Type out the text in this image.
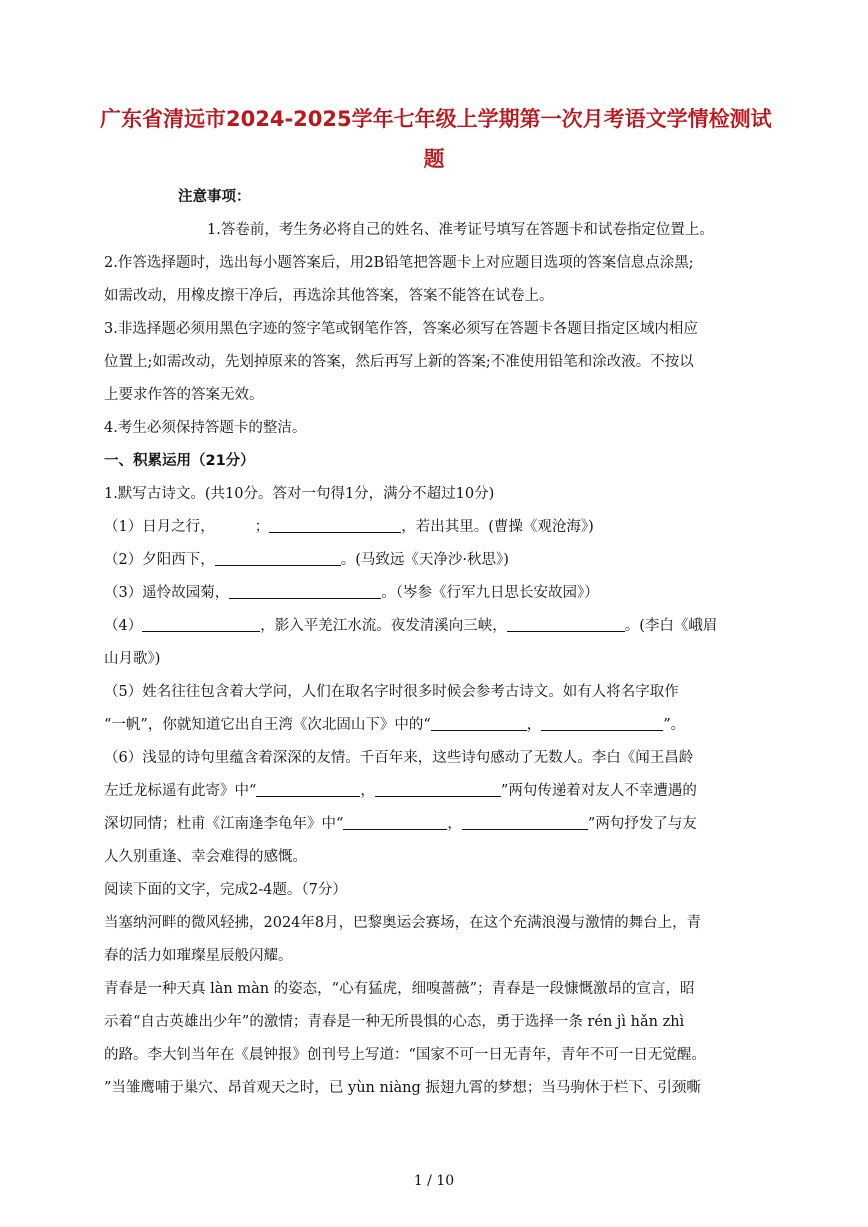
广东省清远市2024-2025学年七年级上学期第一次月考语文学情检测试
题
注意事项：
1.答卷前，考生务必将自己的姓名、准考证号填写在答题卡和试卷指定位置上。
2.作答选择题时，选出每小题答案后，用2B铅笔把答题卡上对应题目选项的答案信息点涂黑;
如需改动，用橡皮擦干净后，再选涂其他答案，答案不能答在试卷上。
3.非选择题必须用黑色字迹的签字笔或钢笔作答，答案必须写在答题卡各题目指定区域内相应
位置上;如需改动，先划掉原来的答案，然后再写上新的答案;不准使用铅笔和涂改液。不按以
上要求作答的答案无效。
4.考生必须保持答题卡的整洁。
一、积累运用（21分）
1.默写古诗文。(共10分。答对一句得1分，满分不超过10分)
（1）日月之行，	；	，若出其里。(曹操《观沧海》)
（2）夕阳西下，	。(马致远《天净沙·秋思》)
（3）遥怜故园菊，	。（岑参《行军九日思长安故园》）
（4）	，影入平羌江水流。夜发清溪向三峡，	。(李白《峨眉
山月歌》)
（5）姓名往往包含着大学问，人们在取名字时很多时候会参考古诗文。如有人将名字取作
“一帆”，你就知道它出自王湾《次北固山下》中的“	，	”。
（6）浅显的诗句里蕴含着深深的友情。千百年来，这些诗句感动了无数人。李白《闻王昌龄
左迁龙标遥有此寄》中“	，	”两句传递着对友人不幸遭遇的
深切同情；杜甫《江南逢李龟年》中“	，	”两句抒发了与友
人久别重逢、幸会难得的感慨。
阅读下面的文字，完成2-4题。（7分）
当塞纳河畔的微风轻拂，2024年8月，巴黎奥运会赛场，在这个充满浪漫与激情的舞台上，青
春的活力如璀璨星辰般闪耀。
青春是一种天真 làn màn 的姿态，“心有猛虎，细嗅蔷薇”；青春是一段慷慨激昂的宣言，昭
示着“自古英雄出少年”的激情；青春是一种无所畏惧的心态，勇于选择一条 rén jì hǎn zhì
的路。李大钊当年在《晨钟报》创刊号上写道：“国家不可一日无青年，青年不可一日无觉醒。
”当雏鹰哺于巢穴、昂首观天之时，已 yùn niàng 振翅九霄的梦想；当马驹休于栏下、引颈嘶
1 / 10
